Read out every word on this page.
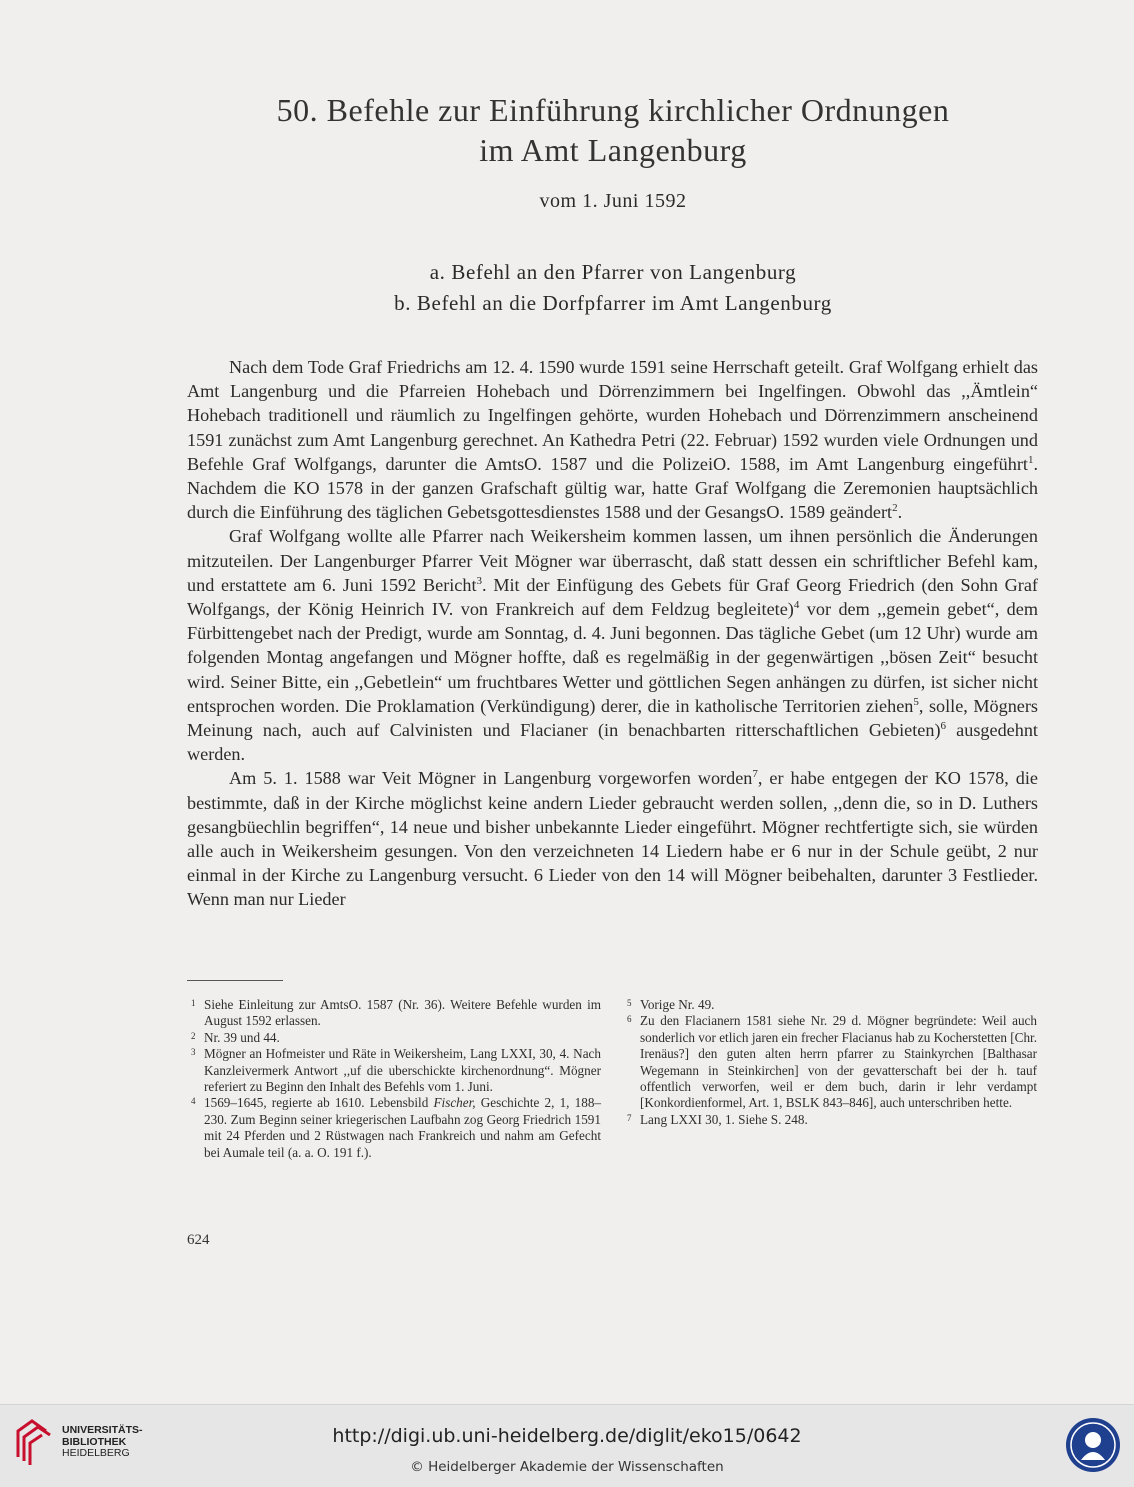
50. Befehle zur Einführung kirchlicher Ordnungen
im Amt Langenburg
vom 1. Juni 1592
a. Befehl an den Pfarrer von Langenburg
b. Befehl an die Dorfpfarrer im Amt Langenburg

Nach dem Tode Graf Friedrichs am 12. 4. 1590 wurde 1591 seine Herrschaft geteilt. Graf Wolfgang erhielt das Amt Langenburg und die Pfarreien Hohebach und Dörrenzimmern bei Ingelfingen. Obwohl das ,,Ämtlein“ Hohebach traditionell und räumlich zu Ingelfingen gehörte, wurden Hohebach und Dörrenzimmern anscheinend 1591 zunächst zum Amt Langenburg gerechnet. An Kathedra Petri (22. Februar) 1592 wurden viele Ordnungen und Befehle Graf Wolfgangs, darunter die AmtsO. 1587 und die PolizeiO. 1588, im Amt Langenburg eingeführt$^1$. Nachdem die KO 1578 in der ganzen Grafschaft gültig war, hatte Graf Wolfgang die Zeremonien hauptsächlich durch die Einführung des täglichen Gebetsgottesdienstes 1588 und der GesangsO. 1589 geändert$^2$.

Graf Wolfgang wollte alle Pfarrer nach Weikersheim kommen lassen, um ihnen persönlich die Änderungen mitzuteilen. Der Langenburger Pfarrer Veit Mögner war überrascht, daß statt dessen ein schriftlicher Befehl kam, und erstattete am 6. Juni 1592 Bericht$^3$. Mit der Einfügung des Gebets für Graf Georg Friedrich (den Sohn Graf Wolfgangs, der König Heinrich IV. von Frankreich auf dem Feldzug begleitete)$^4$ vor dem ,,gemein gebet“, dem Fürbittengebet nach der Predigt, wurde am Sonntag, d. 4. Juni begonnen. Das tägliche Gebet (um 12 Uhr) wurde am folgenden Montag angefangen und Mögner hoffte, daß es regelmäßig in der gegenwärtigen ,,bösen Zeit“ besucht wird. Seiner Bitte, ein ,,Gebetlein“ um fruchtbares Wetter und göttlichen Segen anhängen zu dürfen, ist sicher nicht entsprochen worden. Die Proklamation (Verkündigung) derer, die in katholische Territorien ziehen$^5$, solle, Mögners Meinung nach, auch auf Calvinisten und Flacianer (in benachbarten ritterschaftlichen Gebieten)$^6$ ausgedehnt werden.

Am 5. 1. 1588 war Veit Mögner in Langenburg vorgeworfen worden$^7$, er habe entgegen der KO 1578, die bestimmte, daß in der Kirche möglichst keine andern Lieder gebraucht werden sollen, ,,denn die, so in D. Luthers gesangbüechlin begriffen“, 14 neue und bisher unbekannte Lieder eingeführt. Mögner rechtfertigte sich, sie würden alle auch in Weikersheim gesungen. Von den verzeichneten 14 Liedern habe er 6 nur in der Schule geübt, 2 nur einmal in der Kirche zu Langenburg versucht. 6 Lieder von den 14 will Mögner beibehalten, darunter 3 Festlieder. Wenn man nur Lieder

1 Siehe Einleitung zur AmtsO. 1587 (Nr. 36). Weitere Befehle wurden im August 1592 erlassen.
2 Nr. 39 und 44.
3 Mögner an Hofmeister und Räte in Weikersheim, Lang LXXI, 30, 4. Nach Kanzleivermerk Antwort ,,uf die uberschickte kirchenordnung“. Mögner referiert zu Beginn den Inhalt des Befehls vom 1. Juni.
4 1569–1645, regierte ab 1610. Lebensbild Fischer, Geschichte 2, 1, 188–230. Zum Beginn seiner kriegerischen Laufbahn zog Georg Friedrich 1591 mit 24 Pferden und 2 Rüstwagen nach Frankreich und nahm am Gefecht bei Aumale teil (a. a. O. 191 f.).
5 Vorige Nr. 49.
6 Zu den Flacianern 1581 siehe Nr. 29 d. Mögner begründete: Weil auch sonderlich vor etlich jaren ein frecher Flacianus hab zu Kocherstetten [Chr. Irenäus?] den guten alten herrn pfarrer zu Stainkyrchen [Balthasar Wegemann in Steinkirchen] von der gevatterschaft bei der h. tauf offentlich verworfen, weil er dem buch, darin ir lehr verdampt [Konkordienformel, Art. 1, BSLK 843–846], auch unterschriben hette.
7 Lang LXXI 30, 1. Siehe S. 248.
624
UNIVERSITÄTS-
BIBLIOTHEK
HEIDELBERG
http://digi.ub.uni-heidelberg.de/diglit/eko15/0642
© Heidelberger Akademie der Wissenschaften
